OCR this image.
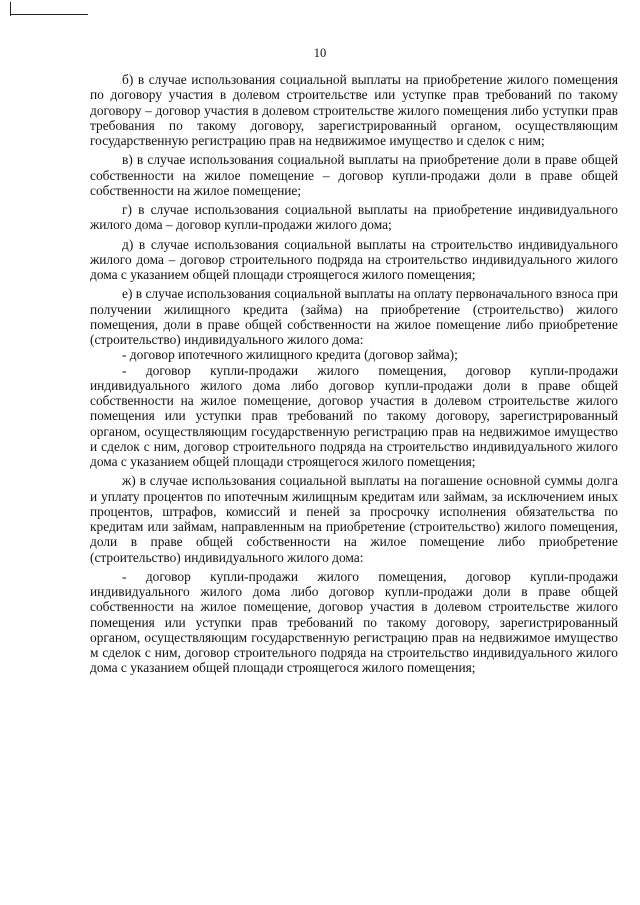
10

б) в случае использования социальной выплаты на приобретение жилого помещения по договору участия в долевом строительстве или уступке прав требований по такому договору – договор участия в долевом строительстве жилого помещения либо уступки прав требования по такому договору, зарегистрированный органом, осуществляющим государственную регистрацию прав на недвижимое имущество и сделок с ним;

в) в случае использования социальной выплаты на приобретение доли в праве общей собственности на жилое помещение – договор купли-продажи доли в праве общей собственности на жилое помещение;

г) в случае использования социальной выплаты на приобретение индивидуального жилого дома – договор купли-продажи жилого дома;

д) в случае использования социальной выплаты на строительство индивидуального жилого дома – договор строительного подряда на строительство индивидуального жилого дома с указанием общей площади строящегося жилого помещения;

е) в случае использования социальной выплаты на оплату первоначального взноса при получении жилищного кредита (займа) на приобретение (строительство) жилого помещения, доли в праве общей собственности на жилое помещение либо приобретение (строительство) индивидуального жилого дома:

- договор ипотечного жилищного кредита (договор займа);

- договор купли-продажи жилого помещения, договор купли-продажи индивидуального жилого дома либо договор купли-продажи доли в праве общей собственности на жилое помещение, договор участия в долевом строительстве жилого помещения или уступки прав требований по такому договору, зарегистрированный органом, осуществляющим государственную регистрацию прав на недвижимое имущество и сделок с ним, договор строительного подряда на строительство индивидуального жилого дома с указанием общей площади строящегося жилого помещения;

ж) в случае использования социальной выплаты на погашение основной суммы долга и уплату процентов по ипотечным жилищным кредитам или займам, за исключением иных процентов, штрафов, комиссий и пеней за просрочку исполнения обязательства по кредитам или займам, направленным на приобретение (строительство) жилого помещения, доли в праве общей собственности на жилое помещение либо приобретение (строительство) индивидуального жилого дома:

- договор купли-продажи жилого помещения, договор купли-продажи индивидуального жилого дома либо договор купли-продажи доли в праве общей собственности на жилое помещение, договор участия в долевом строительстве жилого помещения или уступки прав требований по такому договору, зарегистрированный органом, осуществляющим государственную регистрацию прав на недвижимое имущество м сделок с ним, договор строительного подряда на строительство индивидуального жилого дома с указанием общей площади строящегося жилого помещения;
